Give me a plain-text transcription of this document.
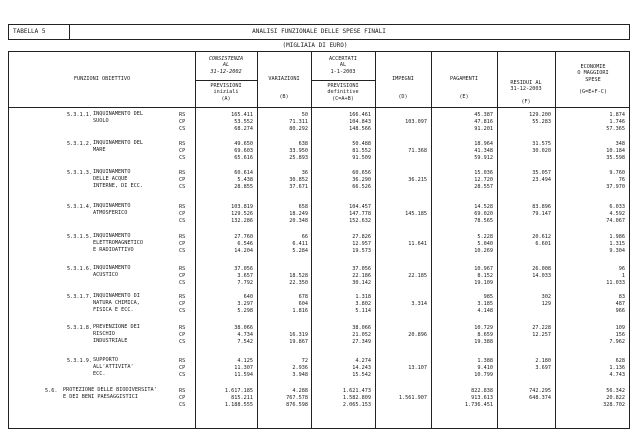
TABELLA 5	ANALISI FUNZIONALE DELLE SPESE FINALI
(MIGLIAIA DI EURO)
FUNZIONI OBIETTIVO
CONSISTENZA
AL
31-12-2002
PREVISIONI
iniziali
(A)
VARIAZIONI
(B)
ACCERTATI
AL
1-1-2003
PREVISIONI
definitive
(C=A+B)
IMPEGNI
(D)
PAGAMENTI
(E)
RESIDUI AL
31-12-2003
(F)
ECONOMIE
O MAGGIORI
SPESE
(G=E+F-C)
5.3.1.1. INQUINAMENTO DEL
SUOLO
RS
CP
CS
165.411
53.552
68.274
50
71.311
80.292
166.461
104.843
148.566
103.097
45.387
47.816
91.201
129.200
55.283
1.874
1.746
57.365
5.3.1.2. INQUINAMENTO DEL
MARE
RS
CP
CS
49.650
69.603
65.616
638
33.950
25.893
50.488
81.552
91.509
71.368
18.964
41.348
59.912
31.575
30.020
348
10.184
35.598
5.3.1.3. INQUINAMENTO
DELLE ACQUE
INTERNE, DI ECC.
RS
CP
CS
60.614
5.438
28.855
36
30.852
37.671
60.656
36.290
66.526
36.215
15.036
12.720
28.557
35.057
23.494
9.760
76
37.970
5.3.1.4. INQUINAMENTO
ATMOSFERICO
RS
CP
CS
103.819
129.526
132.286
658
18.249
20.348
104.457
147.778
152.632
145.185
14.528
69.020
78.565
83.896
79.147
6.033
4.592
74.067
5.3.1.5. INQUINAMENTO
ELETTROMAGNETICO
E RADIOATTIVO
RS
CP
CS
27.760
6.546
14.204
66
6.411
5.284
27.826
12.957
19.573
11.641
5.228
5.040
10.269
20.612
6.601
1.986
1.315
9.304
5.3.1.6. INQUINAMENTO
ACUSTICO
RS
CP
CS
37.056
3.657
7.792
18.528
22.350
37.056
22.186
30.142
22.185
10.967
8.152
19.109
26.008
14.033
96
1
11.033
5.3.1.7. INQUINAMENTO DI
NATURA CHIMICA,
FISICA E ECC.
RS
CP
CS
640
3.297
5.298
678
604
1.816
1.318
3.802
5.114
3.314
985
3.185
4.148
302
129
83
487
966
5.3.1.8. PREVENZIONE DEI
RISCHIO
INDUSTRIALE
RS
CP
CS
38.066
4.734
7.542
16.319
19.867
38.066
21.052
27.349
20.896
10.729
8.659
19.388
27.228
12.257
109
156
7.962
5.3.1.9. SUPPORTO
ALL'ATTIVITA'
ECC.
RS
CP
CS
4.125
11.307
11.594
72
2.936
3.948
4.274
14.243
15.542
13.107
1.388
9.410
10.799
2.180
3.697
628
1.136
4.743
5.6. PROTEZIONE DELLE BIODIVERSITA'
E DEI BENI PAESAGGISTICI
RS
CP
CS
1.617.185
815.211
1.188.555
4.288
767.578
876.598
1.621.473
1.582.809
2.065.153
1.561.907
822.838
913.613
1.736.451
742.295
648.374
56.342
20.822
328.702
